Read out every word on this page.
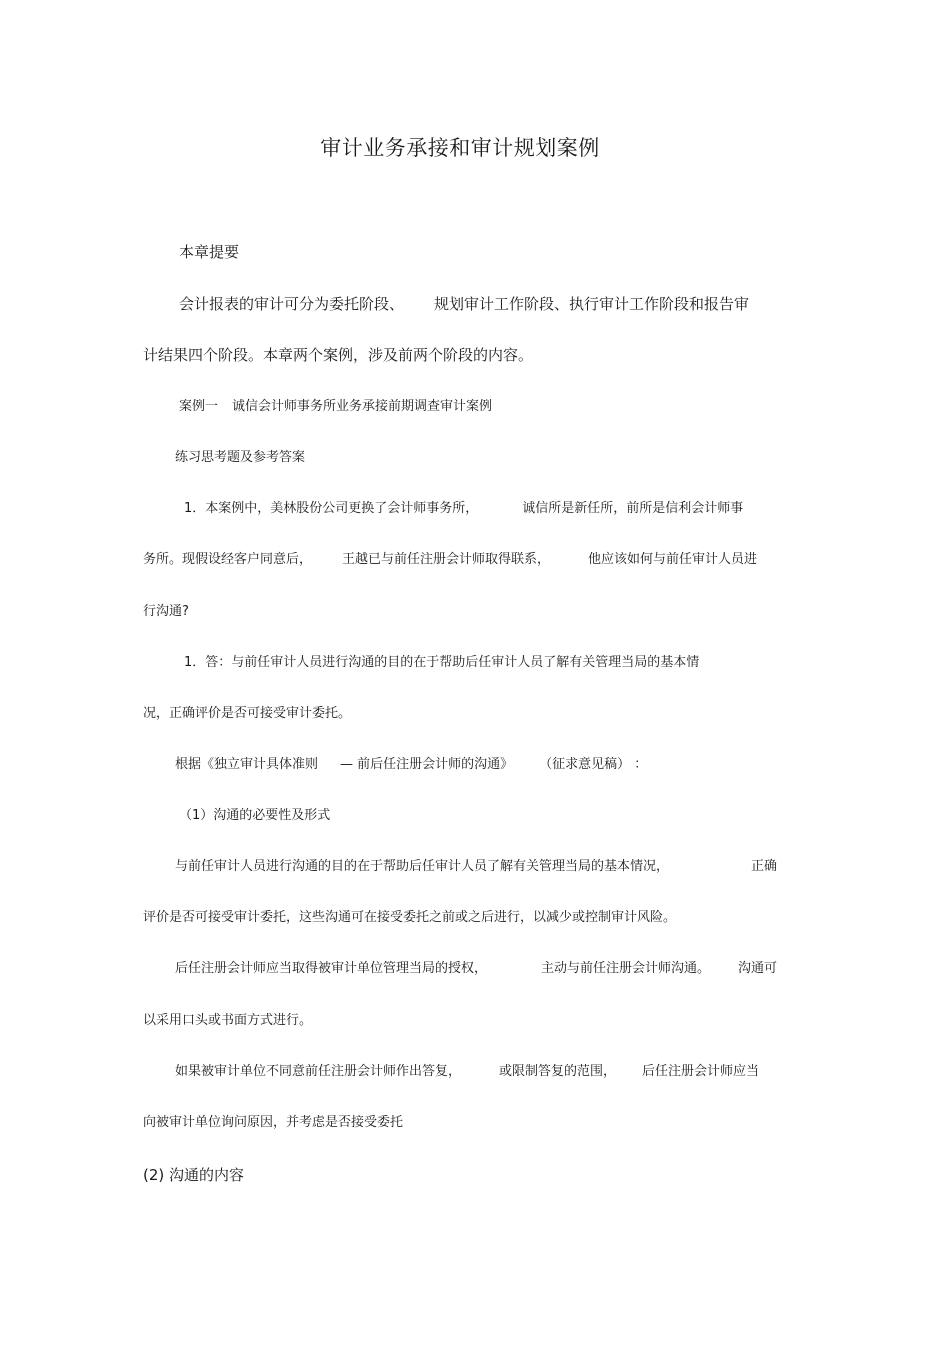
审计业务承接和审计规划案例
本章提要
会计报表的审计可分为委托阶段、 规划审计工作阶段、执行审计工作阶段和报告审
计结果四个阶段。本章两个案例，涉及前两个阶段的内容。
案例一 诚信会计师事务所业务承接前期调查审计案例
练习思考题及参考答案
1．本案例中，美林股份公司更换了会计师事务所，	诚信所是新任所，前所是信利会计师事
务所。现假设经客户同意后， 王越已与前任注册会计师取得联系，	他应该如何与前任审计人员进
行沟通?
1．答：与前任审计人员进行沟通的目的在于帮助后任审计人员了解有关管理当局的基本情
况，正确评价是否可接受审计委托。
根据《独立审计具体准则 — 前后任注册会计师的沟通》 （征求意见稿） ：
（1）沟通的必要性及形式
与前任审计人员进行沟通的目的在于帮助后任审计人员了解有关管理当局的基本情况，	正确
评价是否可接受审计委托，这些沟通可在接受委托之前或之后进行，以减少或控制审计风险。
后任注册会计师应当取得被审计单位管理当局的授权，	主动与前任注册会计师沟通。 沟通可
以采用口头或书面方式进行。
如果被审计单位不同意前任注册会计师作出答复，	或限制答复的范围， 后任注册会计师应当
向被审计单位询问原因，并考虑是否接受委托
(2) 沟通的内容
